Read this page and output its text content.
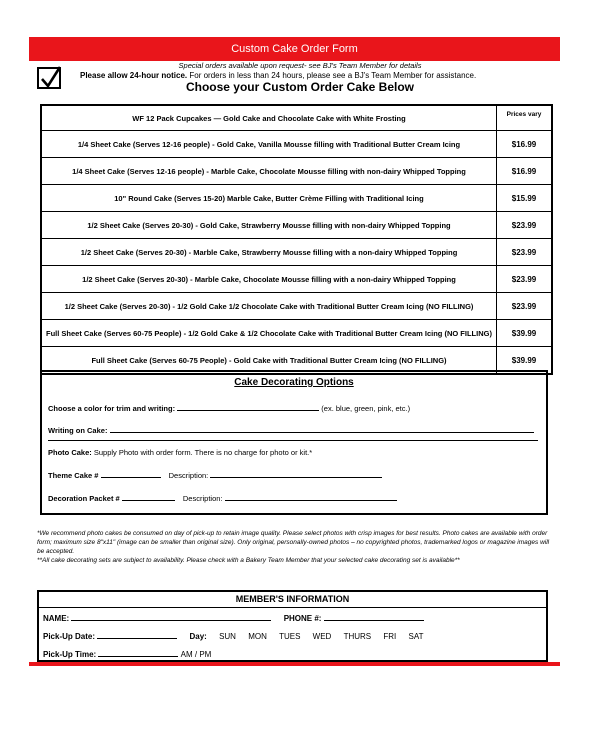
Custom Cake Order Form
Special orders available upon request- see BJ's Team Member for details
Please allow 24-hour notice. For orders in less than 24 hours, please see a BJ's Team Member for assistance.
Choose your Custom Order Cake Below
WF 12 Pack Cupcakes — Gold Cake and Chocolate Cake with White Frosting	Prices vary
1/4 Sheet Cake (Serves 12-16 people) - Gold Cake, Vanilla Mousse filling with Traditional Butter Cream Icing	$16.99
1/4 Sheet Cake (Serves 12-16 people) - Marble Cake, Chocolate Mousse filling with non-dairy Whipped Topping	$16.99
10" Round Cake (Serves 15-20) Marble Cake, Butter Crème Filling with Traditional Icing	$15.99
1/2 Sheet Cake (Serves 20-30) - Gold Cake, Strawberry Mousse filling with non-dairy Whipped Topping	$23.99
1/2 Sheet Cake (Serves 20-30) - Marble Cake, Strawberry Mousse filling with a non-dairy Whipped Topping	$23.99
1/2 Sheet Cake (Serves 20-30) - Marble Cake, Chocolate Mousse filling with a non-dairy Whipped Topping	$23.99
1/2 Sheet Cake (Serves 20-30) - 1/2 Gold Cake 1/2 Chocolate Cake with Traditional Butter Cream Icing (NO FILLING)	$23.99
Full Sheet Cake (Serves 60-75 People) - 1/2 Gold Cake & 1/2 Chocolate Cake with Traditional Butter Cream Icing (NO FILLING)	$39.99
Full Sheet Cake (Serves 60-75 People) - Gold Cake with Traditional Butter Cream Icing (NO FILLING)	$39.99
Cake Decorating Options
Choose a color for trim and writing:	(ex. blue, green, pink, etc.)
Writing on Cake:
Photo Cake: Supply Photo with order form. There is no charge for photo or kit.*
Theme Cake #	Description:
Decoration Packet #	Description:
*We recommend photo cakes be consumed on day of pick-up to retain image quality. Please select photos with crisp images for best results. Photo cakes are available with order form; maximum size 8"x11" (image can be smaller than original size). Only original, personally-owned photos – no copyrighted photos, trademarked logos or magazine images will be accepted.
**All cake decorating sets are subject to availability. Please check with a Bakery Team Member that your selected cake decorating set is available**
MEMBER'S INFORMATION
NAME:	PHONE #:
Pick-Up Date:	Day: SUN MON TUES WED THURS FRI SAT
Pick-Up Time:	AM / PM
